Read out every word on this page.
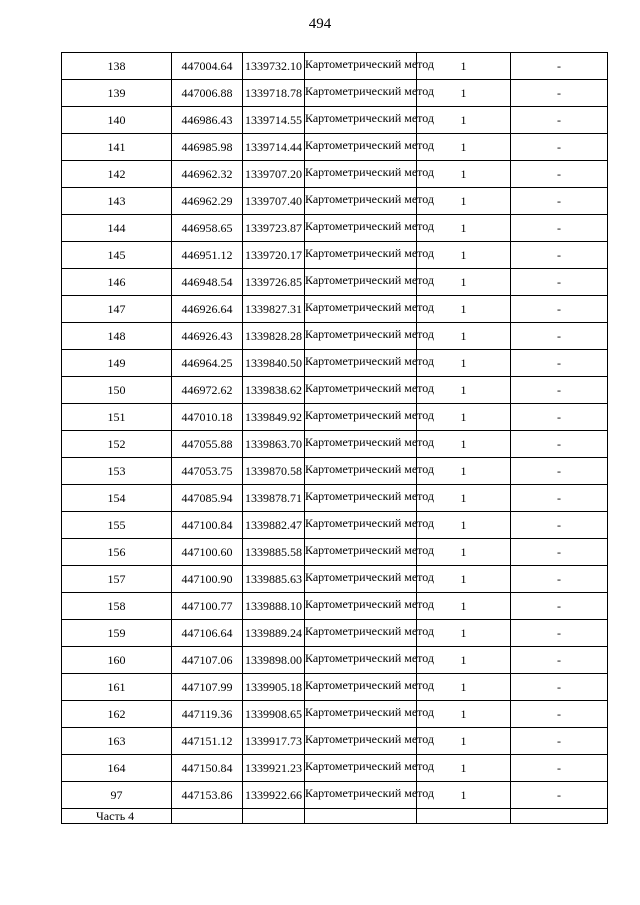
494
138	447004.64	1339732.10	Картометрический метод	1	-
139	447006.88	1339718.78	Картометрический метод	1	-
140	446986.43	1339714.55	Картометрический метод	1	-
141	446985.98	1339714.44	Картометрический метод	1	-
142	446962.32	1339707.20	Картометрический метод	1	-
143	446962.29	1339707.40	Картометрический метод	1	-
144	446958.65	1339723.87	Картометрический метод	1	-
145	446951.12	1339720.17	Картометрический метод	1	-
146	446948.54	1339726.85	Картометрический метод	1	-
147	446926.64	1339827.31	Картометрический метод	1	-
148	446926.43	1339828.28	Картометрический метод	1	-
149	446964.25	1339840.50	Картометрический метод	1	-
150	446972.62	1339838.62	Картометрический метод	1	-
151	447010.18	1339849.92	Картометрический метод	1	-
152	447055.88	1339863.70	Картометрический метод	1	-
153	447053.75	1339870.58	Картометрический метод	1	-
154	447085.94	1339878.71	Картометрический метод	1	-
155	447100.84	1339882.47	Картометрический метод	1	-
156	447100.60	1339885.58	Картометрический метод	1	-
157	447100.90	1339885.63	Картометрический метод	1	-
158	447100.77	1339888.10	Картометрический метод	1	-
159	447106.64	1339889.24	Картометрический метод	1	-
160	447107.06	1339898.00	Картометрический метод	1	-
161	447107.99	1339905.18	Картометрический метод	1	-
162	447119.36	1339908.65	Картометрический метод	1	-
163	447151.12	1339917.73	Картометрический метод	1	-
164	447150.84	1339921.23	Картометрический метод	1	-
97	447153.86	1339922.66	Картометрический метод	1	-
Часть 4					
